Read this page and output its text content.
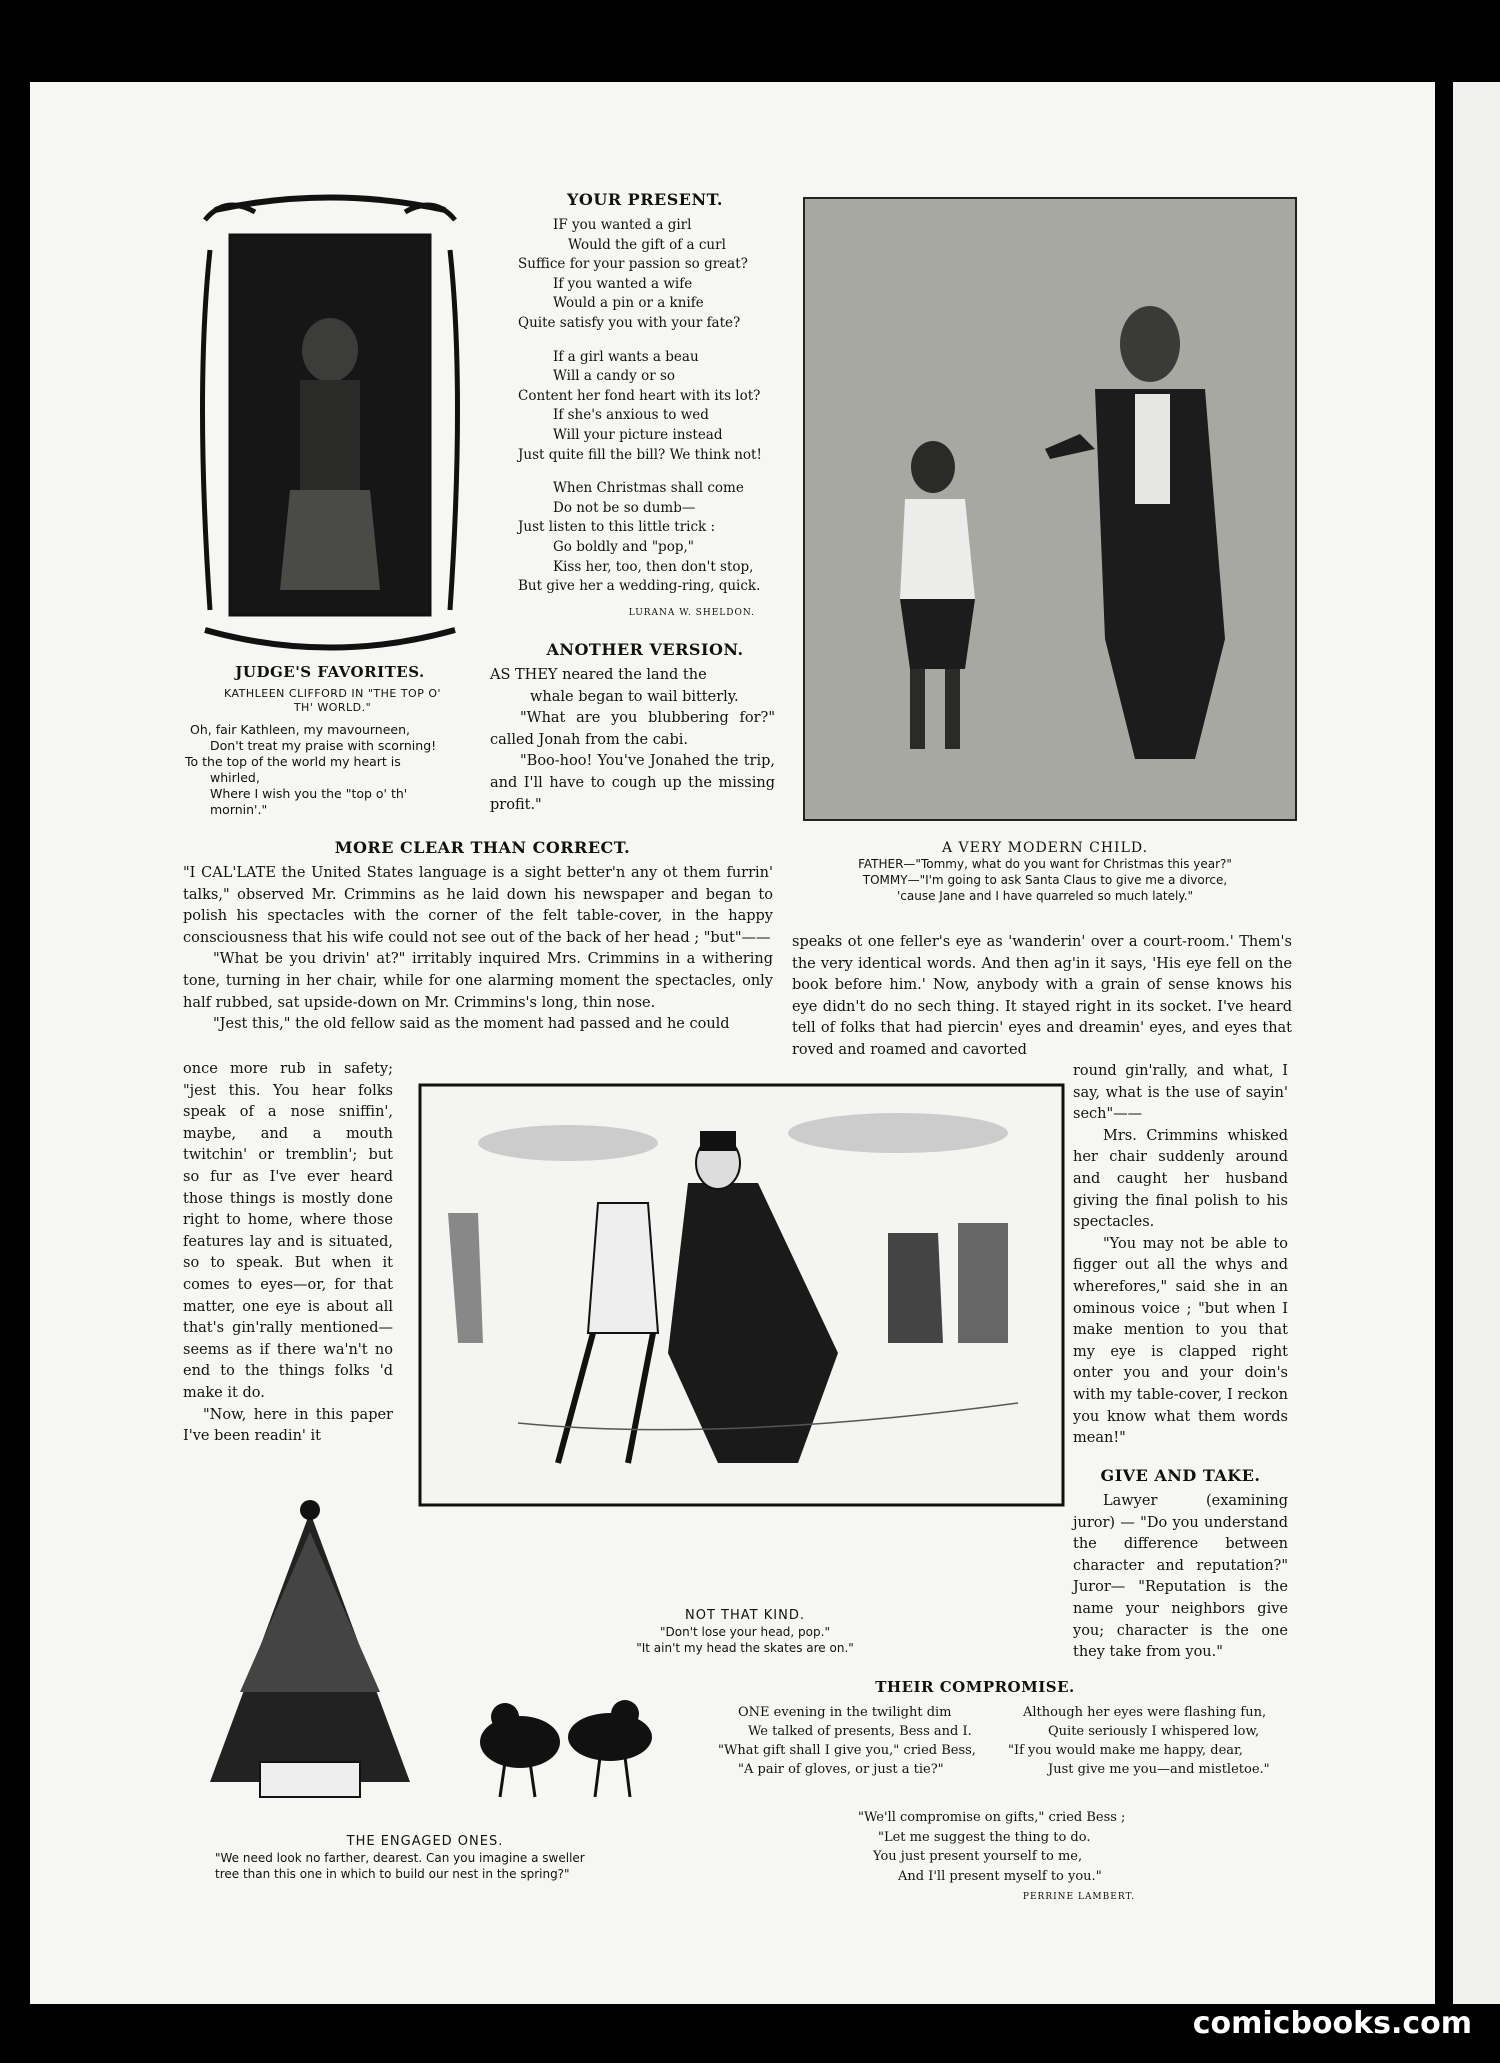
JUDGE'S FAVORITES.
KATHLEEN CLIFFORD IN "THE TOP O'
TH' WORLD."
Oh, fair Kathleen, my mavourneen,
Don't treat my praise with scorning!
To the top of the world my heart is
whirled,
Where I wish you the "top o' th'
mornin'."
YOUR PRESENT.

IF you wanted a girl

Would the gift of a curl

Suffice for your passion so great?

If you wanted a wife

Would a pin or a knife

Quite satisfy you with your fate?

If a girl wants a beau

Will a candy or so

Content her fond heart with its lot?

If she's anxious to wed

Will your picture instead

Just quite fill the bill? We think not!

When Christmas shall come

Do not be so dumb—

Just listen to this little trick :

Go boldly and "pop,"

Kiss her, too, then don't stop,

But give her a wedding-ring, quick.

LURANA W. SHELDON.
ANOTHER VERSION.

AS THEY neared the land the

whale began to wail bitterly.

"What are you blubbering for?" called Jonah from the cabi.

"Boo-hoo! You've Jonahed the trip, and I'll have to cough up the missing profit."

A VERY MODERN CHILD.
FATHER—"Tommy, what do you want for Christmas this year?"
TOMMY—"I'm going to ask Santa Claus to give me a divorce,
'cause Jane and I have quarreled so much lately."
MORE CLEAR THAN CORRECT.

"I CAL'LATE the United States language is a sight better'n any ot them furrin' talks," observed Mr. Crimmins as he laid down his newspaper and began to polish his spectacles with the corner of the felt table-cover, in the happy consciousness that his wife could not see out of the back of her head ; "but"——

"What be you drivin' at?" irritably inquired Mrs. Crimmins in a withering tone, turning in her chair, while for one alarming moment the spectacles, only half rubbed, sat upside-down on Mr. Crimmins's long, thin nose.

"Jest this," the old fellow said as the moment had passed and he could

once more rub in safety; "jest this. You hear folks speak of a nose sniffin', maybe, and a mouth twitchin' or tremblin'; but so fur as I've ever heard those things is mostly done right to home, where those features lay and is situated, so to speak. But when it comes to eyes—or, for that matter, one eye is about all that's gin'rally mentioned—seems as if there wa'n't no end to the things folks 'd make it do.

"Now, here in this paper I've been readin' it

speaks ot one feller's eye as 'wanderin' over a court-room.' Them's the very identical words. And then ag'in it says, 'His eye fell on the book before him.' Now, anybody with a grain of sense knows his eye didn't do no sech thing. It stayed right in its socket. I've heard tell of folks that had piercin' eyes and dreamin' eyes, and eyes that roved and roamed and cavorted

round gin'rally, and what, I say, what is the use of sayin' sech"——

Mrs. Crimmins whisked her chair suddenly around and caught her husband giving the final polish to his spectacles.

"You may not be able to figger out all the whys and wherefores," said she in an ominous voice ; "but when I make mention to you that my eye is clapped right onter you and your doin's with my table-cover, I reckon you know what them words mean!"

NOT THAT KIND.
"Don't lose your head, pop."
"It ain't my head the skates are on."
GIVE AND TAKE.

Lawyer (examining juror) — "Do you understand the difference between character and reputation?" Juror— "Reputation is the name your neighbors give you; character is the one they take from you."

THE ENGAGED ONES.
"We need look no farther, dearest. Can you imagine a sweller
tree than this one in which to build our nest in the spring?"
THEIR COMPROMISE.
ONE evening in the twilight dim
We talked of presents, Bess and I.
"What gift shall I give you," cried Bess,
"A pair of gloves, or just a tie?"
Although her eyes were flashing fun,
Quite seriously I whispered low,
"If you would make me happy, dear,
Just give me you—and mistletoe."
"We'll compromise on gifts," cried Bess ;
"Let me suggest the thing to do.
You just present yourself to me,
And I'll present myself to you."
PERRINE LAMBERT.
comicbooks.com
